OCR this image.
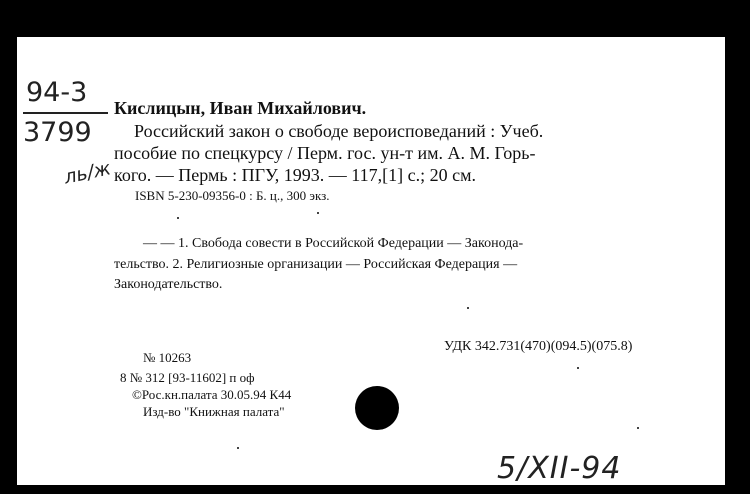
94-3
3799
ль/ж
Кислицын, Иван Михайлович.
Российский закон о свободе вероисповеданий : Учеб.
пособие по спецкурсу / Перм. гос. ун-т им. А. М. Горь-
кого. — Пермь : ПГУ, 1993. — 117,[1] с.; 20 см.
ISBN 5-230-09356-0 : Б. ц., 300 экз.
— — 1. Свобода совести в Российской Федерации — Законода-
тельство. 2. Религиозные организации — Российская Федерация —
Законодательство.
№ 10263
УДК 342.731(470)(094.5)(075.8)
8 № 312 [93-11602] п оф
©Рос.кн.палата 30.05.94 К44
Изд-во "Книжная палата"
5/XII-94
